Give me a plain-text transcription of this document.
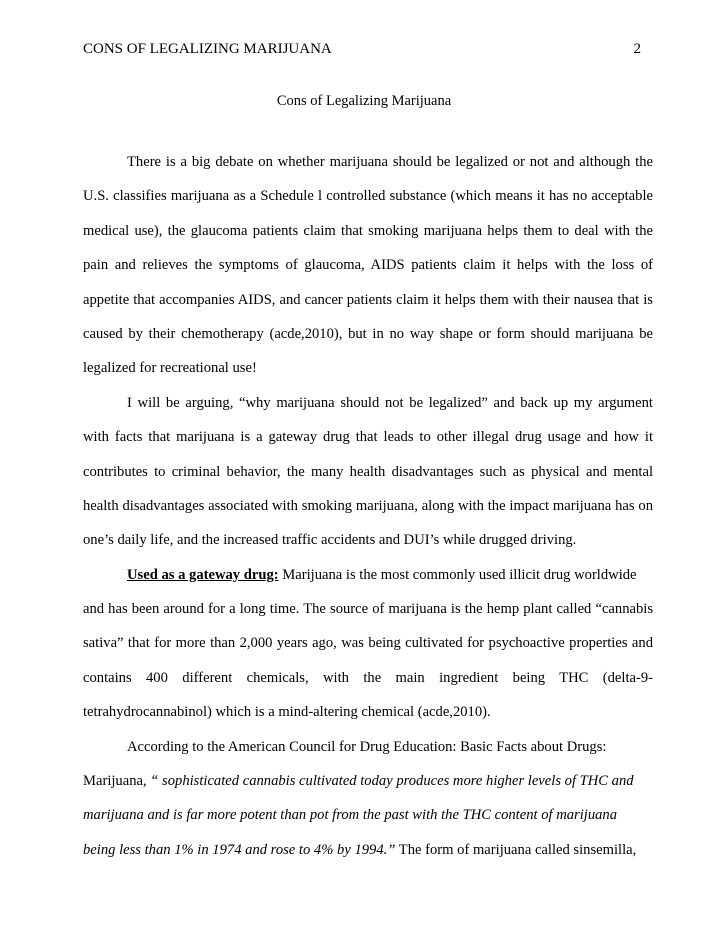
CONS OF LEGALIZING MARIJUANA	2
Cons of Legalizing Marijuana
There is a big debate on whether marijuana should be legalized or not and although the
U.S. classifies marijuana as a Schedule l controlled substance (which means it has no acceptable
medical use), the glaucoma patients claim that smoking marijuana helps them to deal with the
pain and relieves the symptoms of glaucoma, AIDS patients claim it helps with the loss of
appetite that accompanies AIDS, and cancer patients claim it helps them with their nausea that is
caused by their chemotherapy (acde,2010), but in no way shape or form should marijuana be
legalized for recreational use!
I will be arguing, “why marijuana should not be legalized” and back up my argument
with facts that marijuana is a gateway drug that leads to other illegal drug usage and how it
contributes to criminal behavior, the many health disadvantages such as physical and mental
health disadvantages associated with smoking marijuana, along with the impact marijuana has on
one’s daily life, and the increased traffic accidents and DUI’s while drugged driving.
Used as a gateway drug: Marijuana is the most commonly used illicit drug worldwide
and has been around for a long time. The source of marijuana is the hemp plant called “cannabis
sativa” that for more than 2,000 years ago, was being cultivated for psychoactive properties and
contains 400 different chemicals, with the main ingredient being THC (delta-9-
tetrahydrocannabinol) which is a mind-altering chemical (acde,2010).
According to the American Council for Drug Education: Basic Facts about Drugs:
Marijuana, “ sophisticated cannabis cultivated today produces more higher levels of THC and
marijuana and is far more potent than pot from the past with the THC content of marijuana
being less than 1% in 1974 and rose to 4% by 1994.” The form of marijuana called sinsemilla,
